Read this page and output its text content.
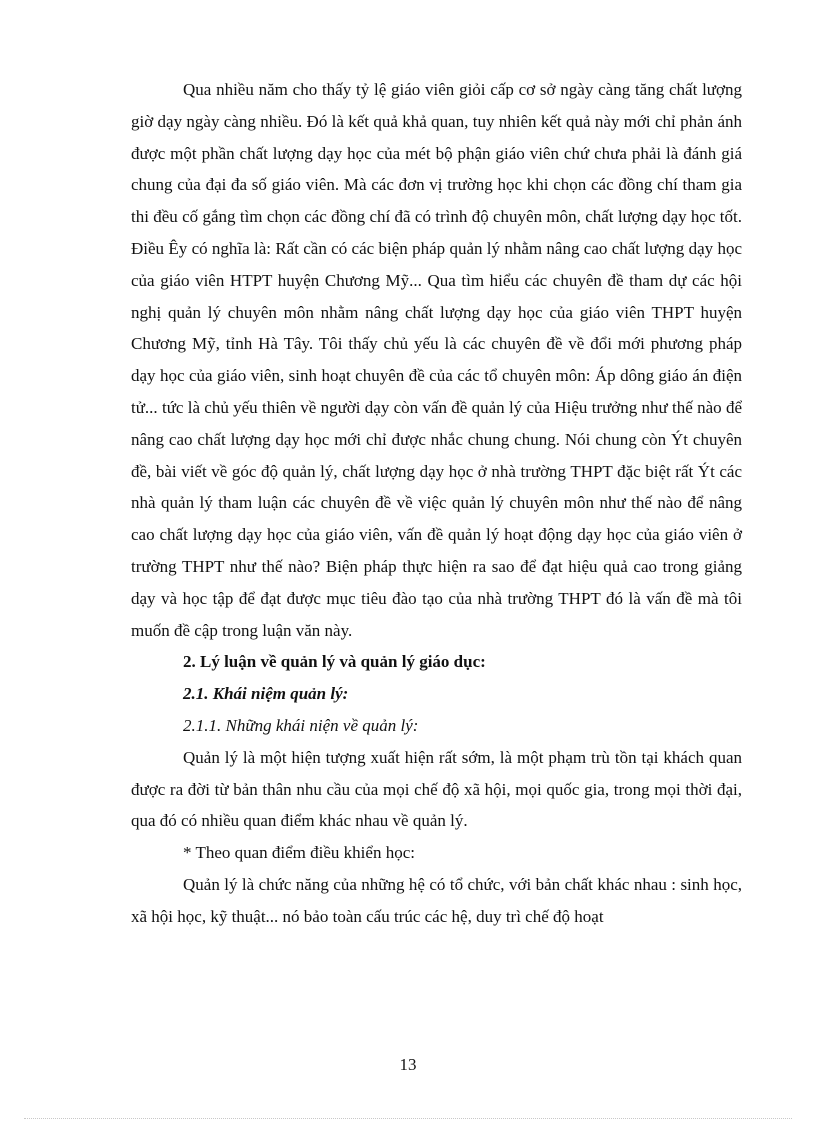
Qua nhiều năm cho thấy tỷ lệ giáo viên giỏi cấp cơ sở ngày càng tăng chất lượng giờ dạy ngày càng nhiều. Đó là kết quả khả quan, tuy nhiên kết quả này mới chỉ phản ánh được một phần chất lượng dạy học của mét bộ phận giáo viên chứ chưa phải là đánh giá chung của đại đa số giáo viên. Mà các đơn vị trường học khi chọn các đồng chí tham gia thi đều cố gắng tìm chọn các đồng chí đã có trình độ chuyên môn, chất lượng dạy học tốt. Điều Êy có nghĩa là: Rất cần có các biện pháp quản lý nhằm nâng cao chất lượng dạy học của giáo viên HTPT huyện Chương Mỹ... Qua tìm hiểu các chuyên đề tham dự các hội nghị quản lý chuyên môn nhằm nâng chất lượng dạy học của giáo viên THPT huyện Chương Mỹ, tỉnh Hà Tây. Tôi thấy chủ yếu là các chuyên đề về đổi mới phương pháp dạy học của giáo viên, sinh hoạt chuyên đề của các tổ chuyên môn: Áp dông giáo án điện tử... tức là chủ yếu thiên về người dạy còn vấn đề quản lý của Hiệu trưởng như thế nào để nâng cao chất lượng dạy học mới chỉ được nhắc chung chung. Nói chung còn Ýt chuyên đề, bài viết về góc độ quản lý, chất lượng dạy học ở nhà trường THPT đặc biệt rất Ýt các nhà quản lý tham luận các chuyên đề về việc quản lý chuyên môn như thế nào để nâng cao chất lượng dạy học của giáo viên, vấn đề quản lý hoạt động dạy học của giáo viên ở trường THPT như thế nào? Biện pháp thực hiện ra sao để đạt hiệu quả cao trong giảng dạy và học tập để đạt được mục tiêu đào tạo của nhà trường THPT đó là vấn đề mà tôi muốn đề cập trong luận văn này.

2. Lý luận về quản lý và quản lý giáo dục:

2.1. Khái niệm quản lý:

2.1.1. Những khái niện về quản lý:

Quản lý là một hiện tượng xuất hiện rất sớm, là một phạm trù tồn tại khách quan được ra đời từ bản thân nhu cầu của mọi chế độ xã hội, mọi quốc gia, trong mọi thời đại, qua đó có nhiều quan điểm khác nhau về quản lý.

* Theo quan điểm điều khiển học:

Quản lý là chức năng của những hệ có tổ chức, với bản chất khác nhau : sinh học, xã hội học, kỹ thuật... nó bảo toàn cấu trúc các hệ, duy trì chế độ hoạt

13
